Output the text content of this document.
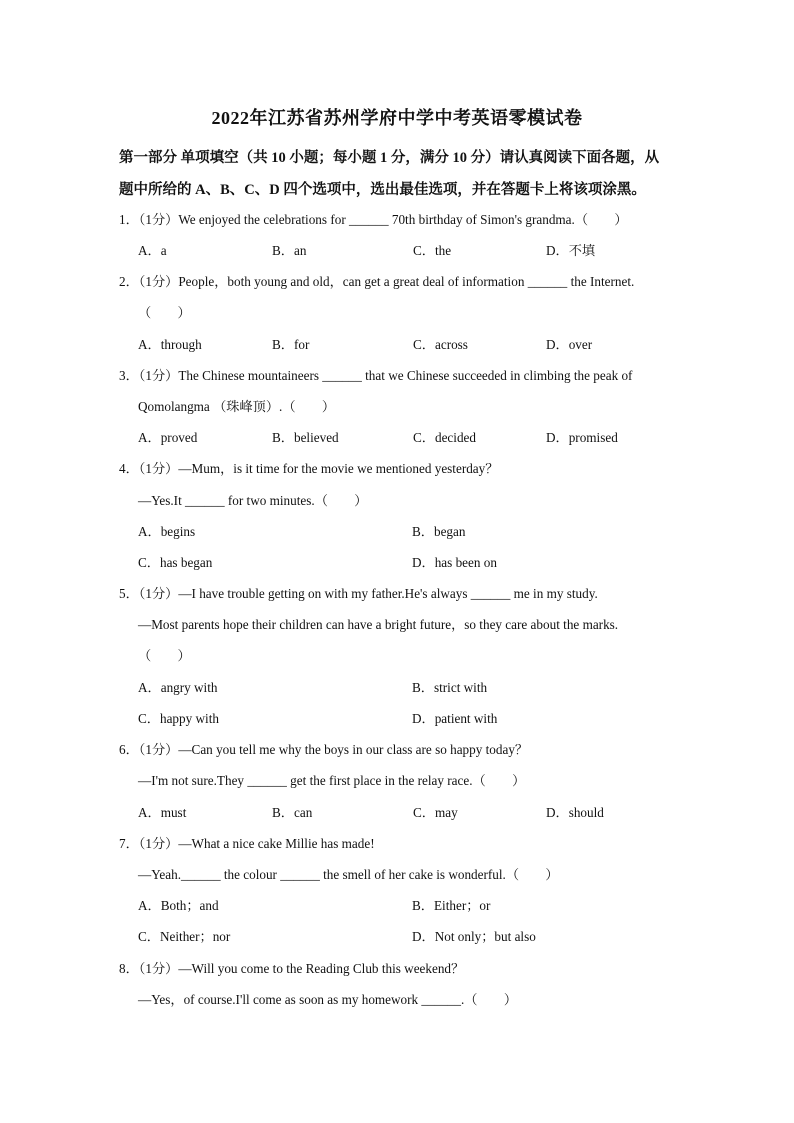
2022年江苏省苏州学府中学中考英语零模试卷
第一部分 单项填空（共 10 小题；每小题 1 分，满分 10 分）请认真阅读下面各题，从
题中所给的 A、B、C、D 四个选项中，选出最佳选项，并在答题卡上将该项涂黑。
1．（1分）We enjoyed the celebrations for ______ 70th birthday of Simon's grandma.（　　）
A．a	B．an	C．the	D．不填
2．（1分）People，both young and old，can get a great deal of information ______ the Internet.
（　　）
A．through	B．for	C．across	D．over
3．（1分）The Chinese mountaineers ______ that we Chinese succeeded in climbing the peak of
Qomolangma （珠峰顶）.（　　）
A．proved	B．believed	C．decided	D．promised
4．（1分）—Mum，is it time for the movie we mentioned yesterday？
—Yes.It ______ for two minutes.（　　）
A．begins	B．began
C．has began	D．has been on
5．（1分）—I have trouble getting on with my father.He's always ______ me in my study.
—Most parents hope their children can have a bright future，so they care about the marks.
（　　）
A．angry with	B．strict with
C．happy with	D．patient with
6．（1分）—Can you tell me why the boys in our class are so happy today？
—I'm not sure.They ______ get the first place in the relay race.（　　）
A．must	B．can	C．may	D．should
7．（1分）—What a nice cake Millie has made!
—Yeah.______ the colour ______ the smell of her cake is wonderful.（　　）
A．Both；and	B．Either；or
C．Neither；nor	D．Not only；but also
8．（1分）—Will you come to the Reading Club this weekend？
—Yes，of course.I'll come as soon as my homework ______.（　　）
